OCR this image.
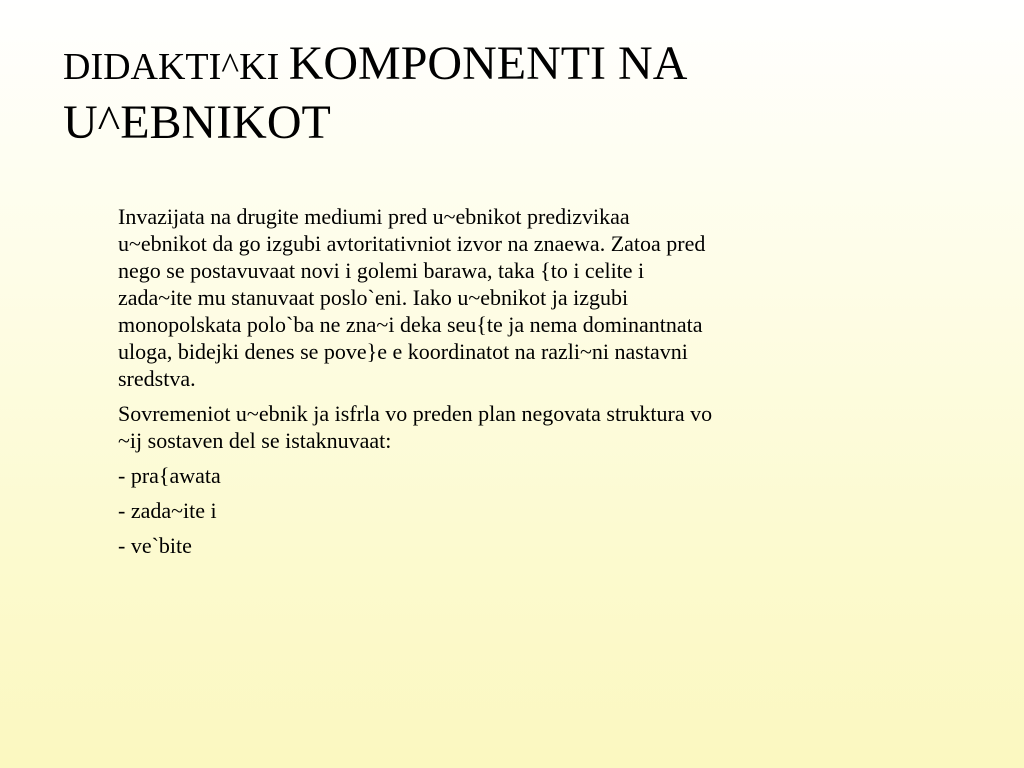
DIDAKTI^KI KOMPONENTI NA
U^EBNIKOT
Invazijata na drugite mediumi pred u~ebnikot predizvikaa
u~ebnikot da go izgubi avtoritativniot izvor na znaewa. Zatoa pred
nego se postavuvaat novi i golemi barawa, taka {to i celite i
zada~ite mu stanuvaat poslo`eni. Iako u~ebnikot ja izgubi
monopolskata polo`ba ne zna~i deka seu{te ja nema dominantnata
uloga, bidejki denes se pove}e e koordinatot na razli~ni nastavni
sredstva.
Sovremeniot u~ebnik ja isfrla vo preden plan negovata struktura vo
~ij sostaven del se istaknuvaat:
- pra{awata
- zada~ite i
- ve`bite
